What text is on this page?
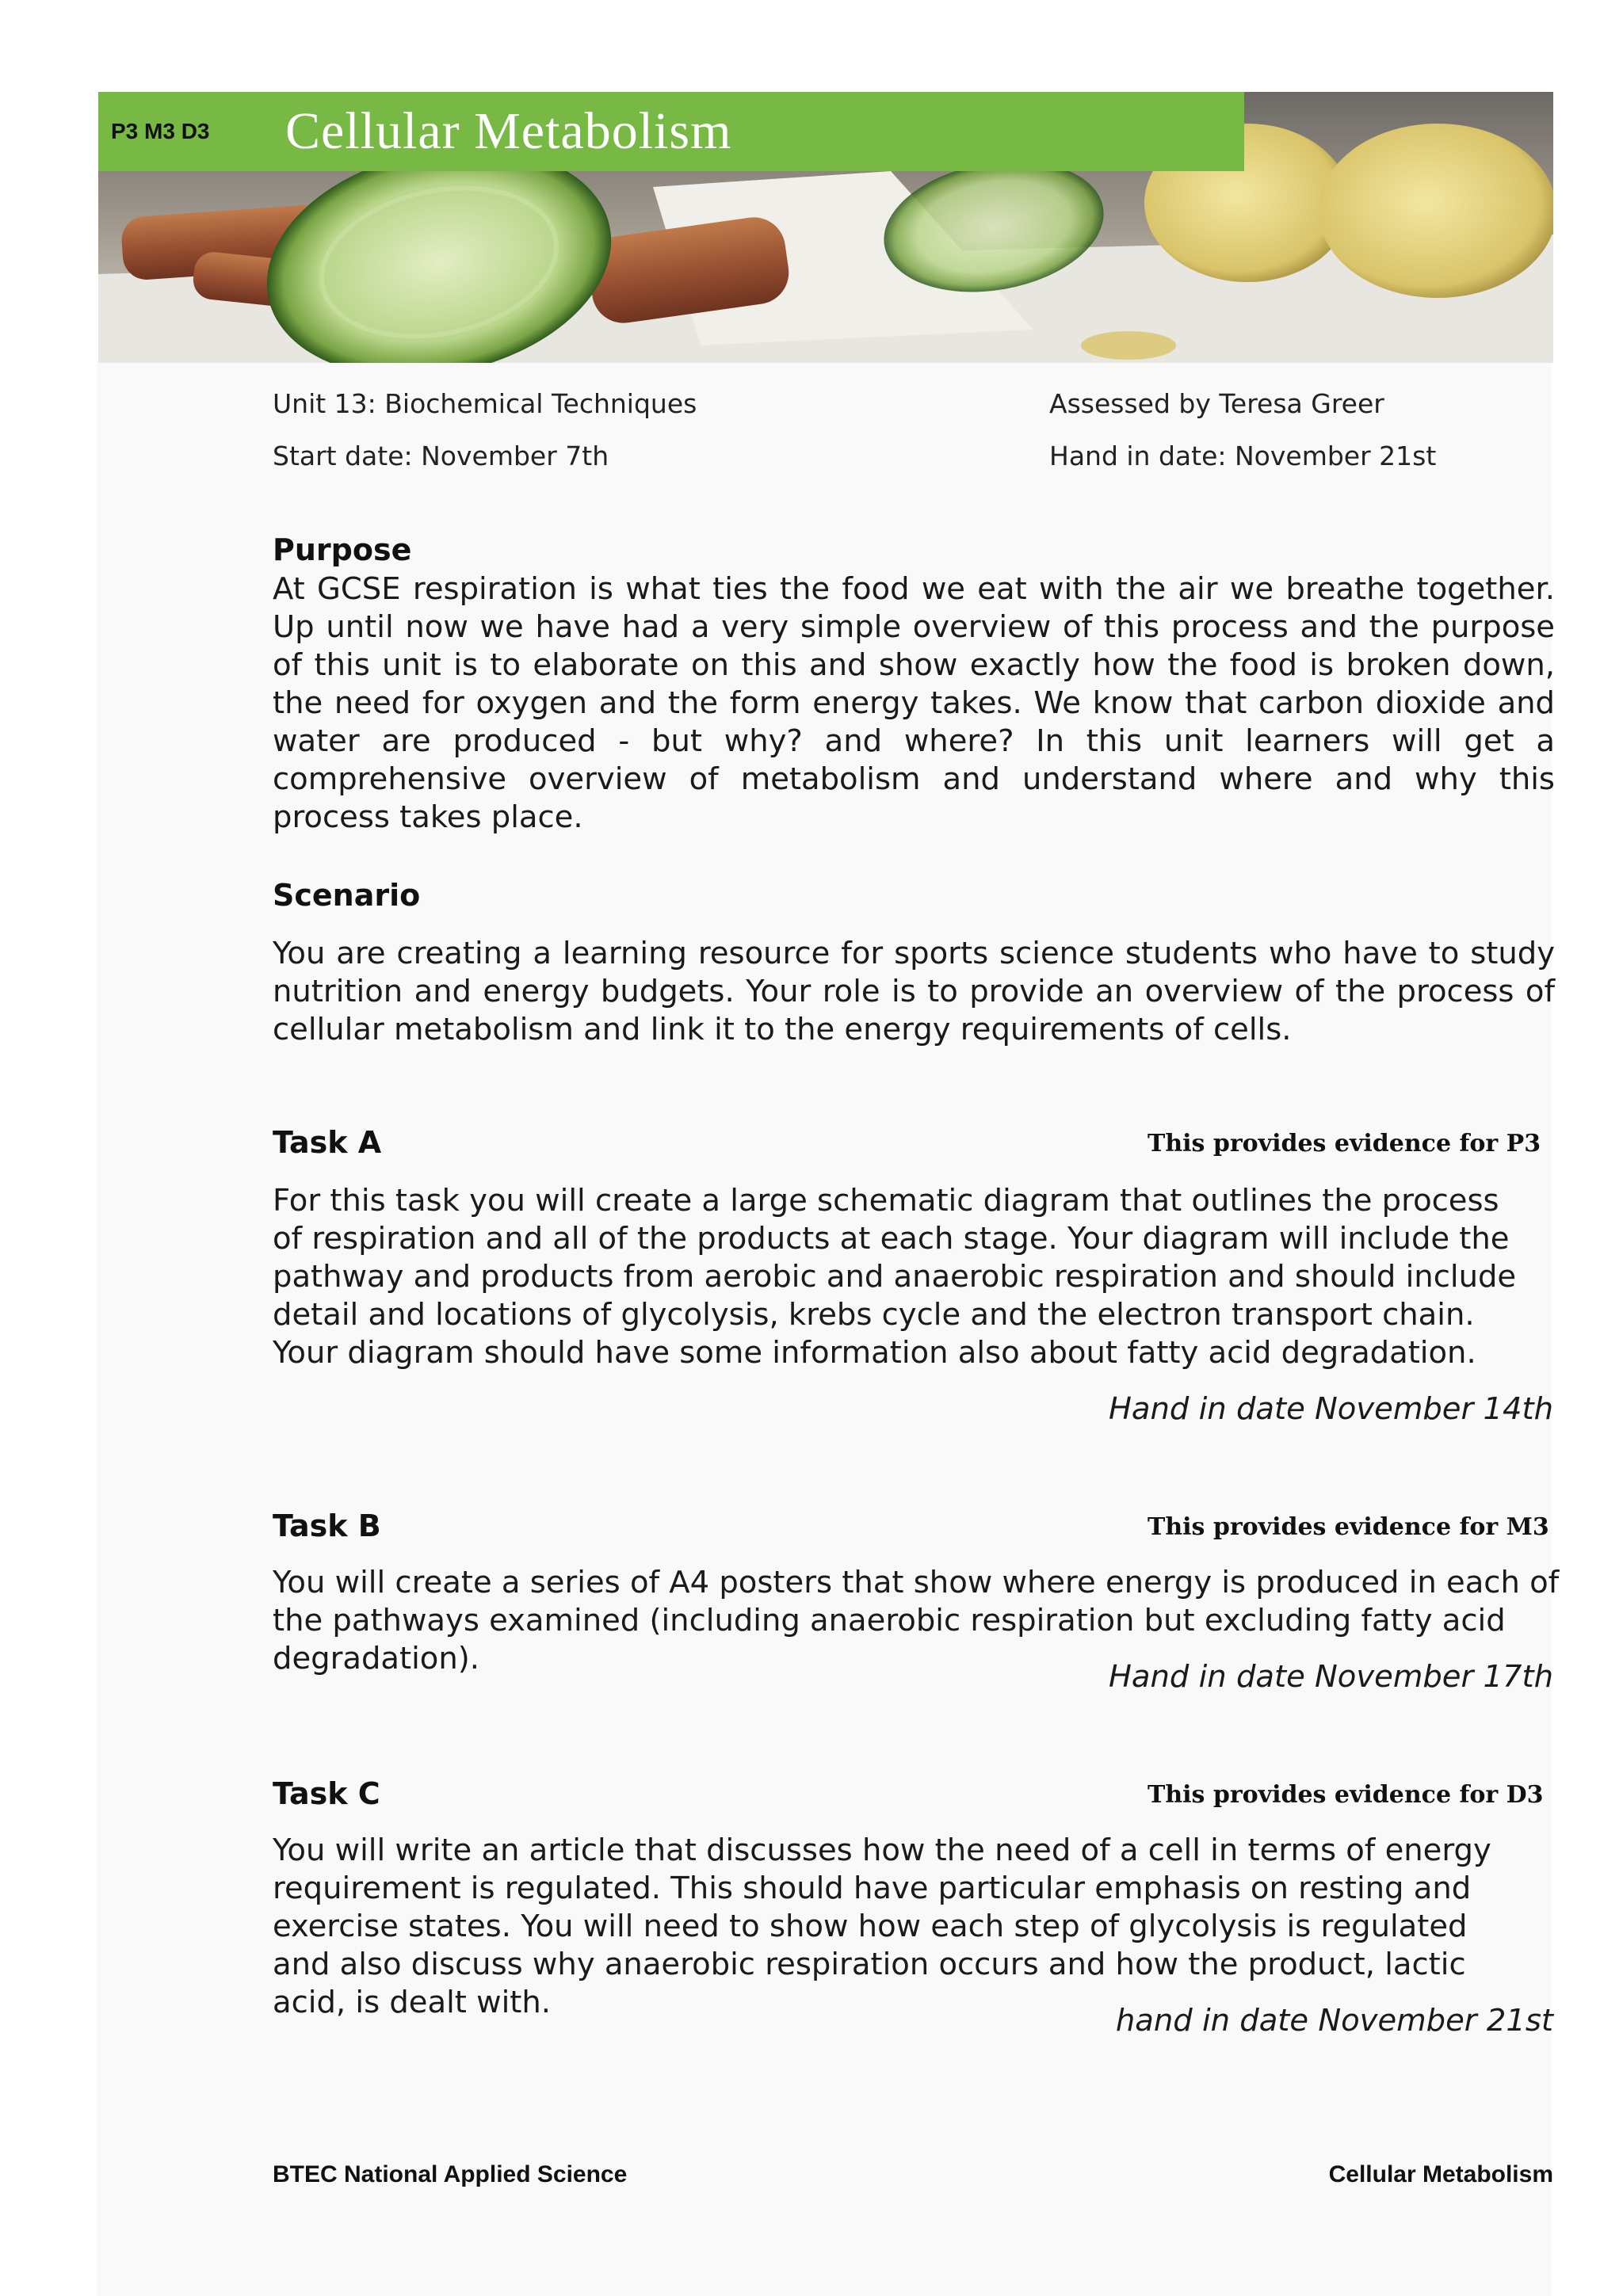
P3 M3 D3	Cellular Metabolism
Unit 13: Biochemical Techniques	Assessed by Teresa Greer
Start date: November 7th	Hand in date: November 21st
Purpose

At GCSE respiration is what ties the food we eat with the air we breathe together. Up until now we have had a very simple overview of this process and the purpose of this unit is to elaborate on this and show exactly how the food is broken down, the need for oxygen and the form energy takes. We know that carbon dioxide and water are produced - but why? and where? In this unit learners will get a comprehensive overview of metabolism and understand where and why this process takes place.

Scenario

You are creating a learning resource for sports science students who have to study nutrition and energy budgets. Your role is to provide an overview of the process of cellular metabolism and link it to the energy requirements of cells.

Task A	This provides evidence for P3

For this task you will create a large schematic diagram that outlines the process of respiration and all of the products at each stage. Your diagram will include the pathway and products from aerobic and anaerobic respiration and should include detail and locations of glycolysis, krebs cycle and the electron transport chain. Your diagram should have some information also about fatty acid degradation.

Hand in date November 14th
Task B	This provides evidence for M3

You will create a series of A4 posters that show where energy is produced in each of the pathways examined (including anaerobic respiration but excluding fatty acid degradation).

Hand in date November 17th
Task C	This provides evidence for D3

You will write an article that discusses how the need of a cell in terms of energy requirement is regulated. This should have particular emphasis on resting and exercise states. You will need to show how each step of glycolysis is regulated and also discuss why anaerobic respiration occurs and how the product, lactic acid, is dealt with.

hand in date November 21st
BTEC National Applied Science	Cellular Metabolism
